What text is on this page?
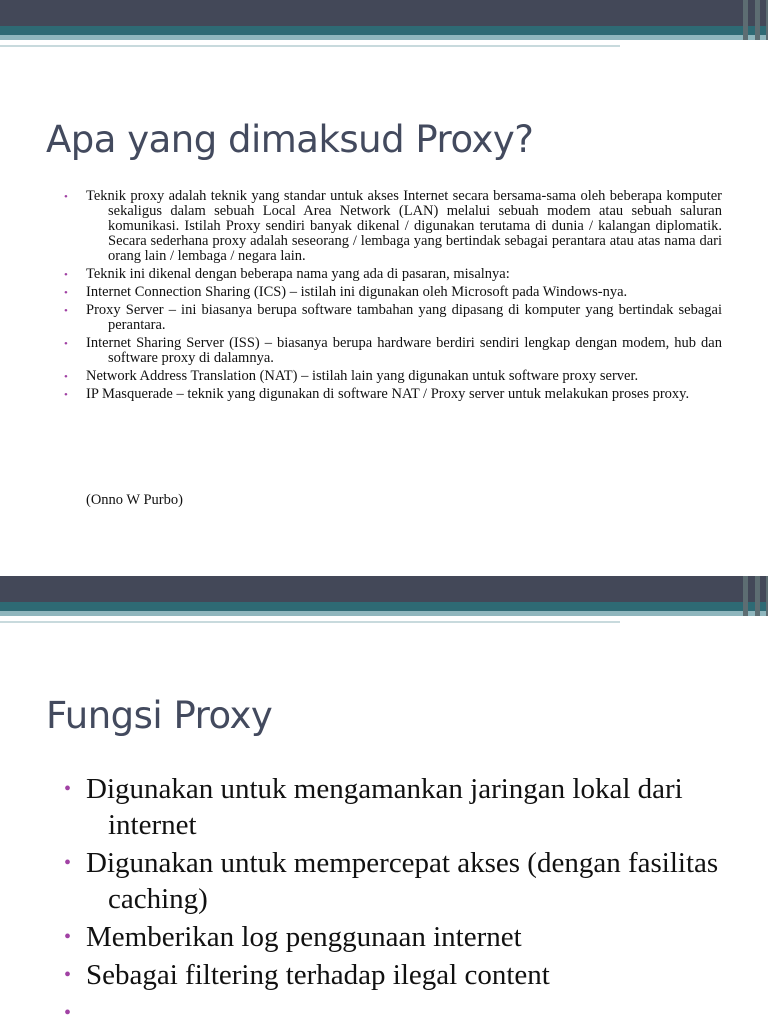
Apa yang dimaksud Proxy?
• Teknik proxy adalah teknik yang standar untuk akses Internet secara bersama-sama oleh beberapa komputer sekaligus dalam sebuah Local Area Network (LAN) melalui sebuah modem atau sebuah saluran komunikasi. Istilah Proxy sendiri banyak dikenal / digunakan terutama di dunia / kalangan diplomatik. Secara sederhana proxy adalah seseorang / lembaga yang bertindak sebagai perantara atau atas nama dari orang lain / lembaga / negara lain.
• Teknik ini dikenal dengan beberapa nama yang ada di pasaran, misalnya:
• Internet Connection Sharing (ICS) – istilah ini digunakan oleh Microsoft pada Windows-nya.
• Proxy Server – ini biasanya berupa software tambahan yang dipasang di komputer yang bertindak sebagai perantara.
• Internet Sharing Server (ISS) – biasanya berupa hardware berdiri sendiri lengkap dengan modem, hub dan software proxy di dalamnya.
• Network Address Translation (NAT) – istilah lain yang digunakan untuk software proxy server.
• IP Masquerade – teknik yang digunakan di software NAT / Proxy server untuk melakukan proses proxy.
(Onno W Purbo)
Fungsi Proxy
• Digunakan untuk mengamankan jaringan lokal dari internet
• Digunakan untuk mempercepat akses (dengan fasilitas caching)
• Memberikan log penggunaan internet
• Sebagai filtering terhadap ilegal content
•
